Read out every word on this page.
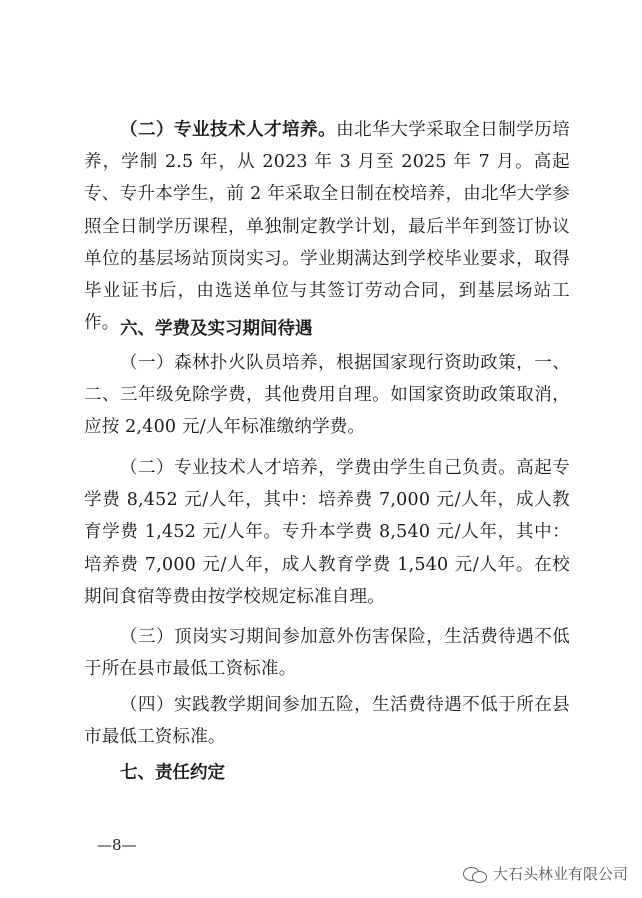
（二）专业技术人才培养。由北华大学采取全日制学历培养，学制 2.5 年，从 2023 年 3 月至 2025 年 7 月。高起专、专升本学生，前 2 年采取全日制在校培养，由北华大学参照全日制学历课程，单独制定教学计划，最后半年到签订协议单位的基层场站顶岗实习。学业期满达到学校毕业要求，取得毕业证书后，由选送单位与其签订劳动合同，到基层场站工作。 六、学费及实习期间待遇

（一）森林扑火队员培养，根据国家现行资助政策，一、二、三年级免除学费，其他费用自理。如国家资助政策取消，应按 2,400 元/人年标准缴纳学费。

（二）专业技术人才培养，学费由学生自己负责。高起专学费 8,452 元/人年，其中：培养费 7,000 元/人年，成人教育学费 1,452 元/人年。专升本学费 8,540 元/人年，其中：培养费 7,000 元/人年，成人教育学费 1,540 元/人年。在校期间食宿等费由按学校规定标准自理。

（三）顶岗实习期间参加意外伤害保险，生活费待遇不低于所在县市最低工资标准。

（四）实践教学期间参加五险，生活费待遇不低于所在县市最低工资标准。

七、责任约定

—8—
大石头林业有限公司
